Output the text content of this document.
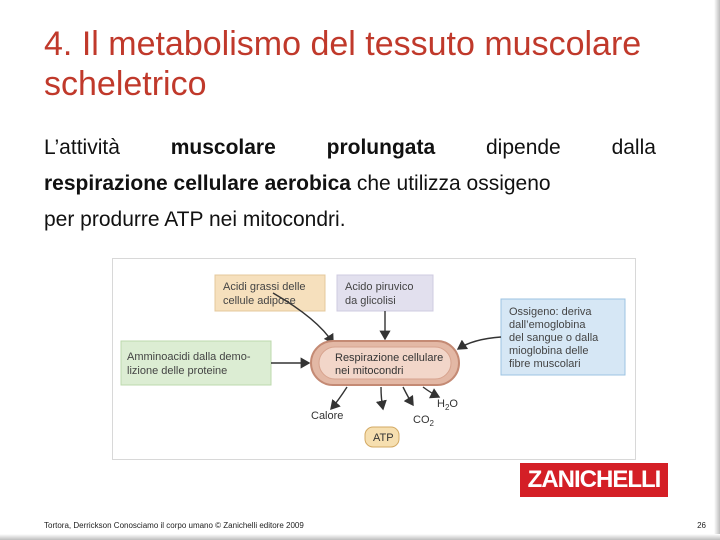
4. Il metabolismo del tessuto muscolare scheletrico
L’attività muscolare prolungata dipende dalla
respirazione cellulare aerobica che utilizza ossigeno
per produrre ATP nei mitocondri.
Acidi grassi delle
cellule adipose
Acido piruvico
da glicolisi
Amminoacidi dalla demo-
lizione delle proteine
Ossigeno: deriva
dall’emoglobina
del sangue o dalla
mioglobina delle
fibre muscolari
Respirazione cellulare
nei mitocondri
Calore	$CO_2$
$H_2O$
ATP
ZANICHELLI
Tortora, Derrickson Conosciamo il corpo umano © Zanichelli editore 2009	26
